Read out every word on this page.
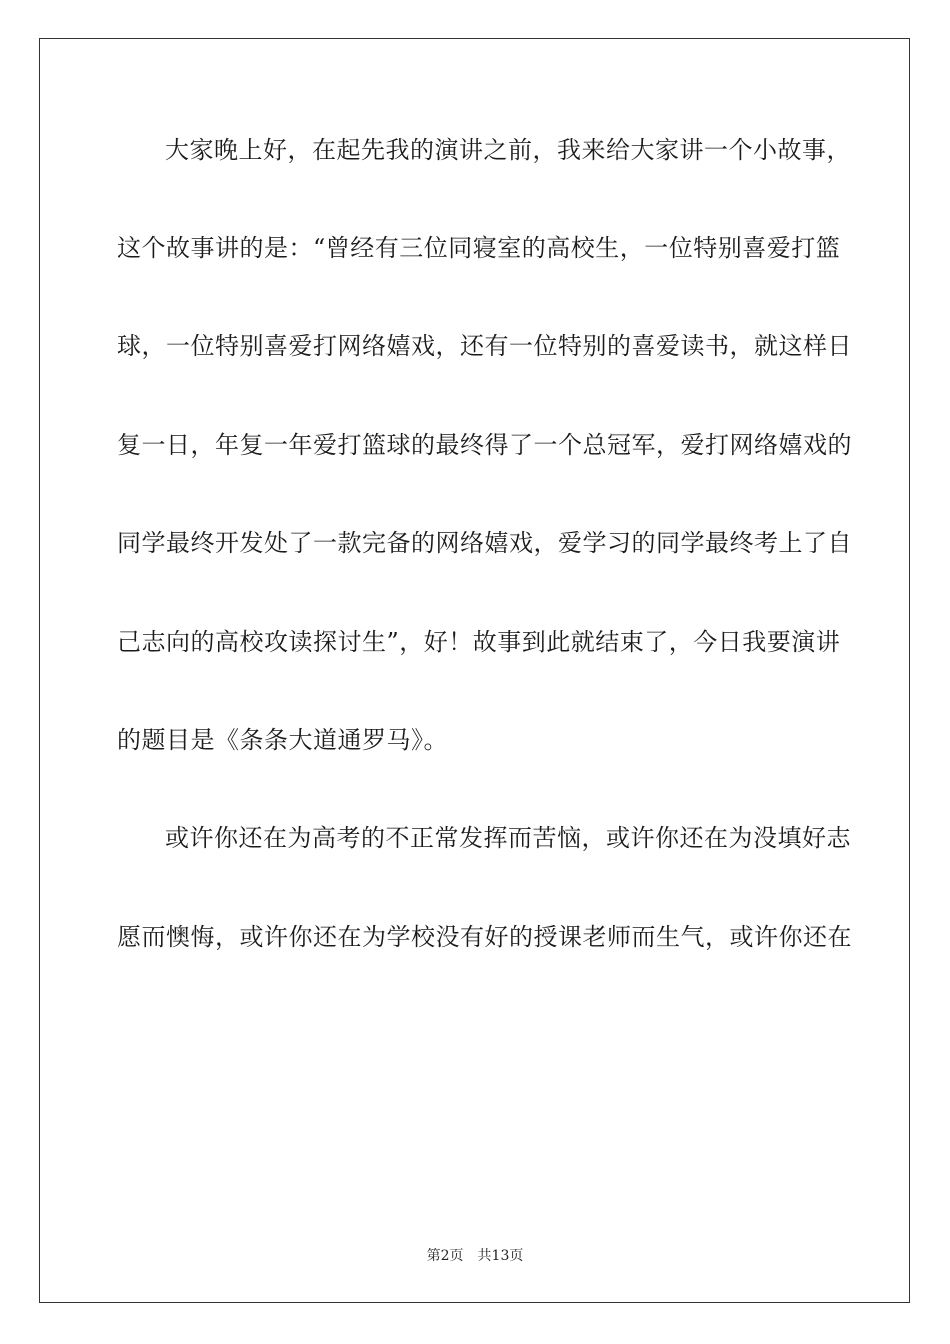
大家晚上好，在起先我的演讲之前，我来给大家讲一个小故事，
这个故事讲的是：“曾经有三位同寝室的高校生，一位特别喜爱打篮
球，一位特别喜爱打网络嬉戏，还有一位特别的喜爱读书，就这样日
复一日，年复一年爱打篮球的最终得了一个总冠军，爱打网络嬉戏的
同学最终开发处了一款完备的网络嬉戏，爱学习的同学最终考上了自
己志向的高校攻读探讨生”，好！故事到此就结束了，今日我要演讲
的题目是《条条大道通罗马》。
或许你还在为高考的不正常发挥而苦恼，或许你还在为没填好志
愿而懊悔，或许你还在为学校没有好的授课老师而生气，或许你还在
第2页 共13页
